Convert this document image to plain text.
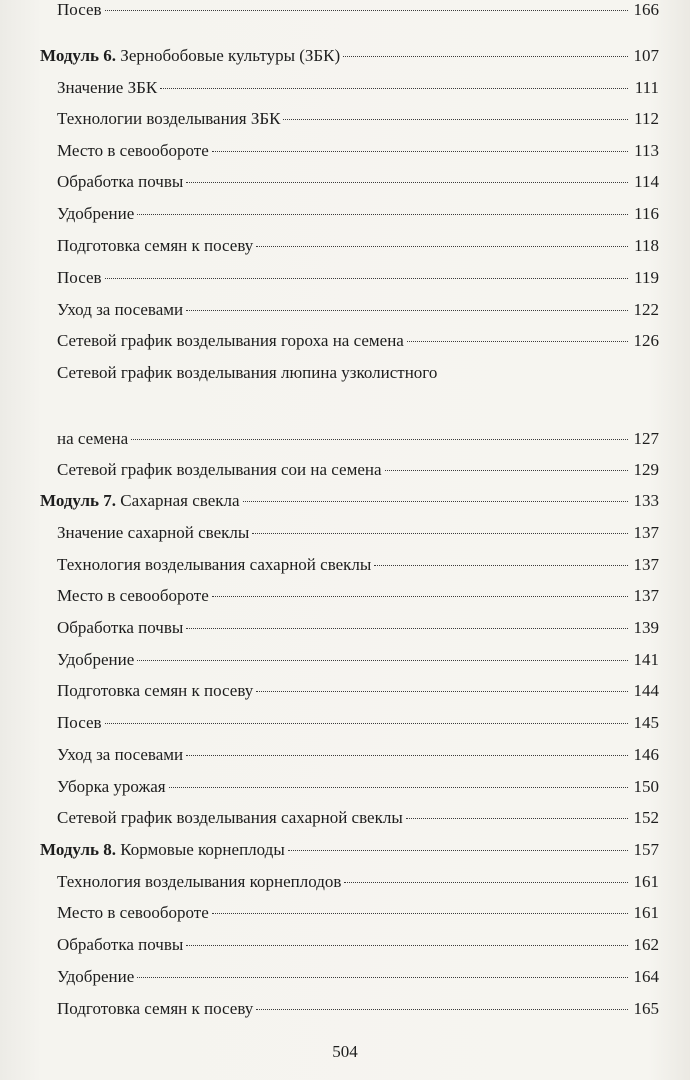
Модуль 6. Зернобобовые культуры (ЗБК)	107
Значение ЗБК	111
Технологии возделывания ЗБК	112
Место в севообороте	113
Обработка почвы	114
Удобрение	116
Подготовка семян к посеву	118
Посев	119
Уход за посевами	122
Сетевой график возделывания гороха на семена	126
Сетевой график возделывания люпина узколистного
на семена	127
Сетевой график возделывания сои на семена	129
Модуль 7. Сахарная свекла	133
Значение сахарной свеклы	137
Технология возделывания сахарной свеклы	137
Место в севообороте	137
Обработка почвы	139
Удобрение	141
Подготовка семян к посеву	144
Посев	145
Уход за посевами	146
Уборка урожая	150
Сетевой график возделывания сахарной свеклы	152
Модуль 8. Кормовые корнеплоды	157
Технология возделывания корнеплодов	161
Место в севообороте	161
Обработка почвы	162
Удобрение	164
Подготовка семян к посеву	165
Посев	166
504
